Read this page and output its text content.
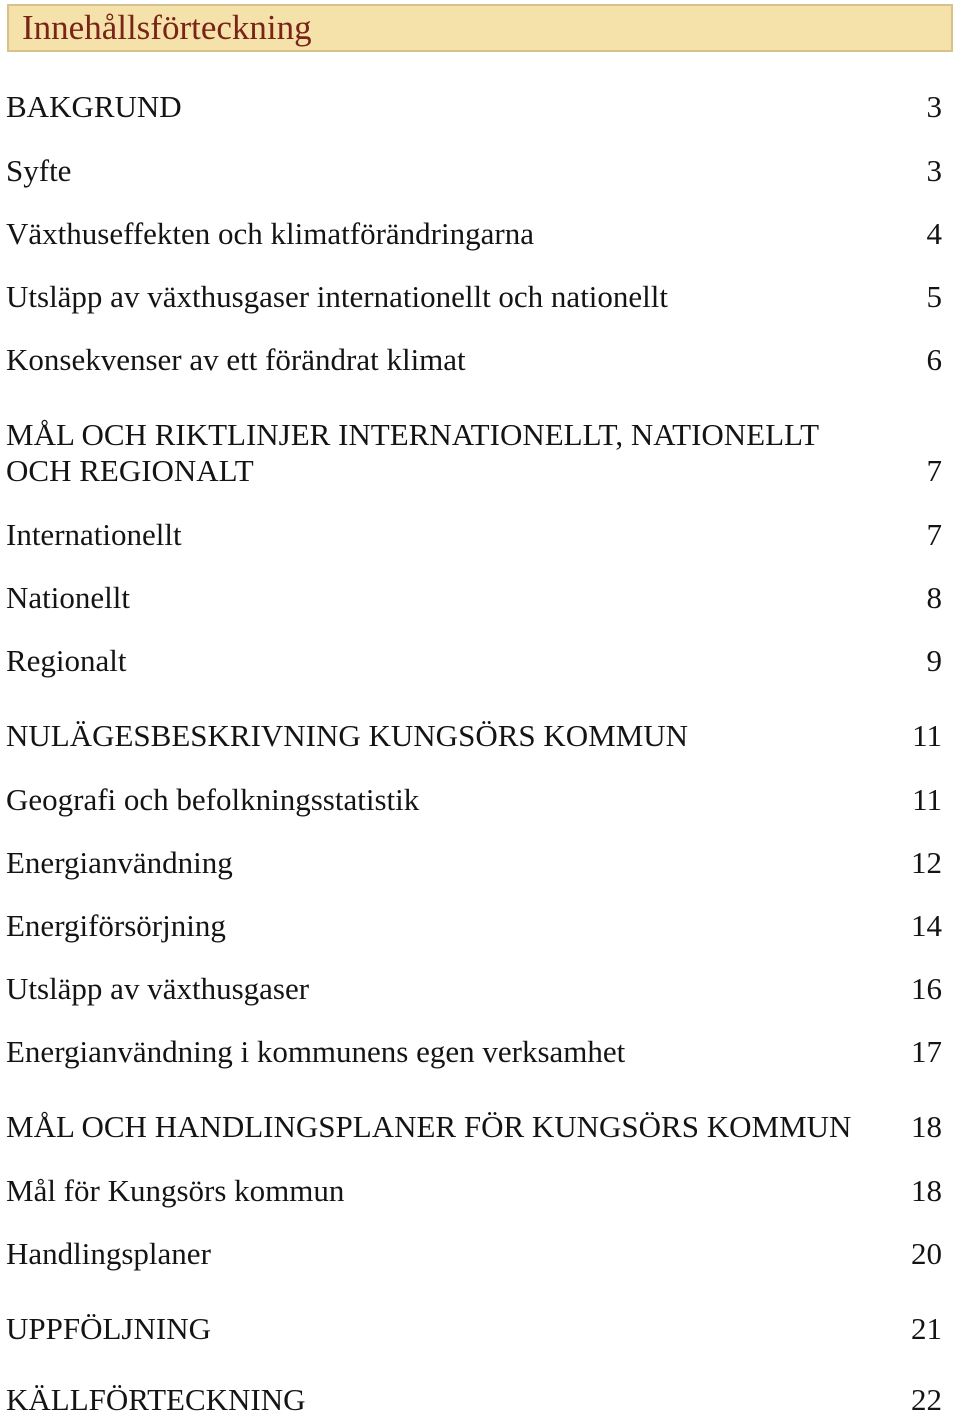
Innehållsförteckning
BAKGRUND	3
Syfte	3
Växthuseffekten och klimatförändringarna	4
Utsläpp av växthusgaser internationellt och nationellt	5
Konsekvenser av ett förändrat klimat	6
MÅL OCH RIKTLINJER INTERNATIONELLT, NATIONELLT OCH REGIONALT	7
Internationellt	7
Nationellt	8
Regionalt	9
NULÄGESBESKRIVNING KUNGSÖRS KOMMUN	11
Geografi och befolkningsstatistik	11
Energianvändning	12
Energiförsörjning	14
Utsläpp av växthusgaser	16
Energianvändning i kommunens egen verksamhet	17
MÅL OCH HANDLINGSPLANER FÖR KUNGSÖRS KOMMUN	18
Mål för Kungsörs kommun	18
Handlingsplaner	20
UPPFÖLJNING	21
KÄLLFÖRTECKNING	22
